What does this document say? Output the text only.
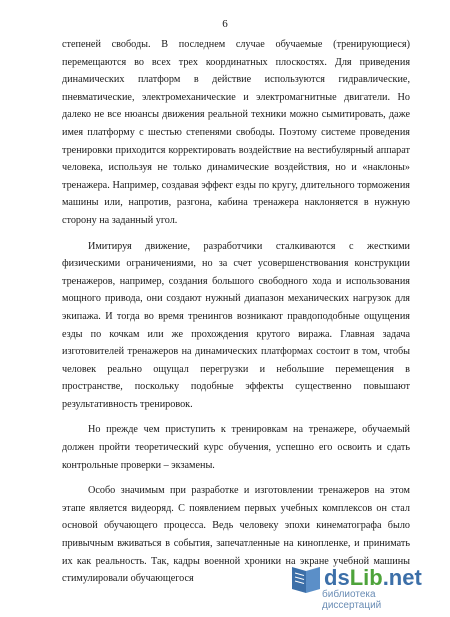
6

степеней свободы. В последнем случае обучаемые (тренирующиеся) перемещаются во всех трех координатных плоскостях. Для приведения динамических платформ в действие используются гидравлические, пневматические, электромеханические и электромагнитные двигатели. Но далеко не все нюансы движения реальной техники можно сымитировать, даже имея платформу с шестью степенями свободы. Поэтому системе проведения тренировки приходится корректировать воздействие на вестибулярный аппарат человека, используя не только динамические воздействия, но и «наклоны» тренажера. Например, создавая эффект езды по кругу, длительного торможения машины или, напротив, разгона, кабина тренажера наклоняется в нужную сторону на заданный угол.

Имитируя движение, разработчики сталкиваются с жесткими физическими ограничениями, но за счет усовершенствования конструкции тренажеров, например, создания большого свободного хода и использования мощного привода, они создают нужный диапазон механических нагрузок для экипажа. И тогда во время тренингов возникают правдоподобные ощущения езды по кочкам или же прохождения крутого виража. Главная задача изготовителей тренажеров на динамических платформах состоит в том, чтобы человек реально ощущал перегрузки и небольшие перемещения в пространстве, поскольку подобные эффекты существенно повышают результативность тренировок.

Но прежде чем приступить к тренировкам на тренажере, обучаемый должен пройти теоретический курс обучения, успешно его освоить и сдать контрольные проверки – экзамены.

Особо значимым при разработке и изготовлении тренажеров на этом этапе является видеоряд. С появлением первых учебных комплексов он стал основой обучающего процесса. Ведь человеку эпохи кинематографа было привычным вживаться в события, запечатленные на кинопленке, и принимать их как реальность. Так, кадры военной хроники на экране учебной машины стимулировали обучающегося	dsLib.net
библиотека диссертаций
